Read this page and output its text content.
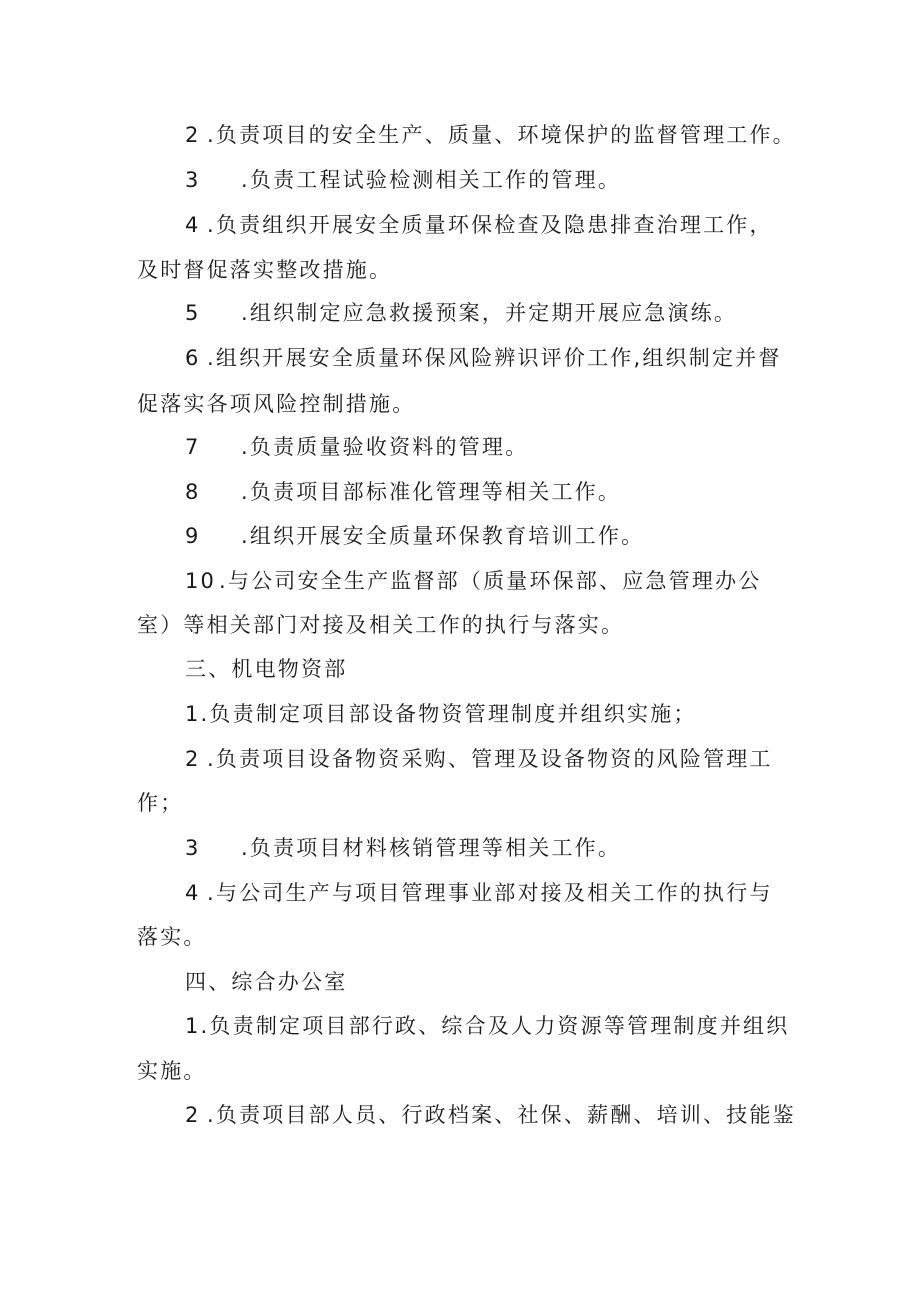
2 .负责项目的安全生产、质量、环境保护的监督管理工作。
3 .负责工程试验检测相关工作的管理。
4 .负责组织开展安全质量环保检查及隐患排查治理工作，
及时督促落实整改措施。
5 .组织制定应急救援预案，并定期开展应急演练。
6 .组织开展安全质量环保风险辨识评价工作,组织制定并督
促落实各项风险控制措施。
7 .负责质量验收资料的管理。
8 .负责项目部标准化管理等相关工作。
9 .组织开展安全质量环保教育培训工作。
10 .与公司安全生产监督部（质量环保部、应急管理办公
室）等相关部门对接及相关工作的执行与落实。
三、机电物资部
1.负责制定项目部设备物资管理制度并组织实施；
2 .负责项目设备物资采购、管理及设备物资的风险管理工
作；
3 .负责项目材料核销管理等相关工作。
4 .与公司生产与项目管理事业部对接及相关工作的执行与
落实。
四、综合办公室
1.负责制定项目部行政、综合及人力资源等管理制度并组织
实施。
2 .负责项目部人员、行政档案、社保、薪酬、培训、技能鉴
